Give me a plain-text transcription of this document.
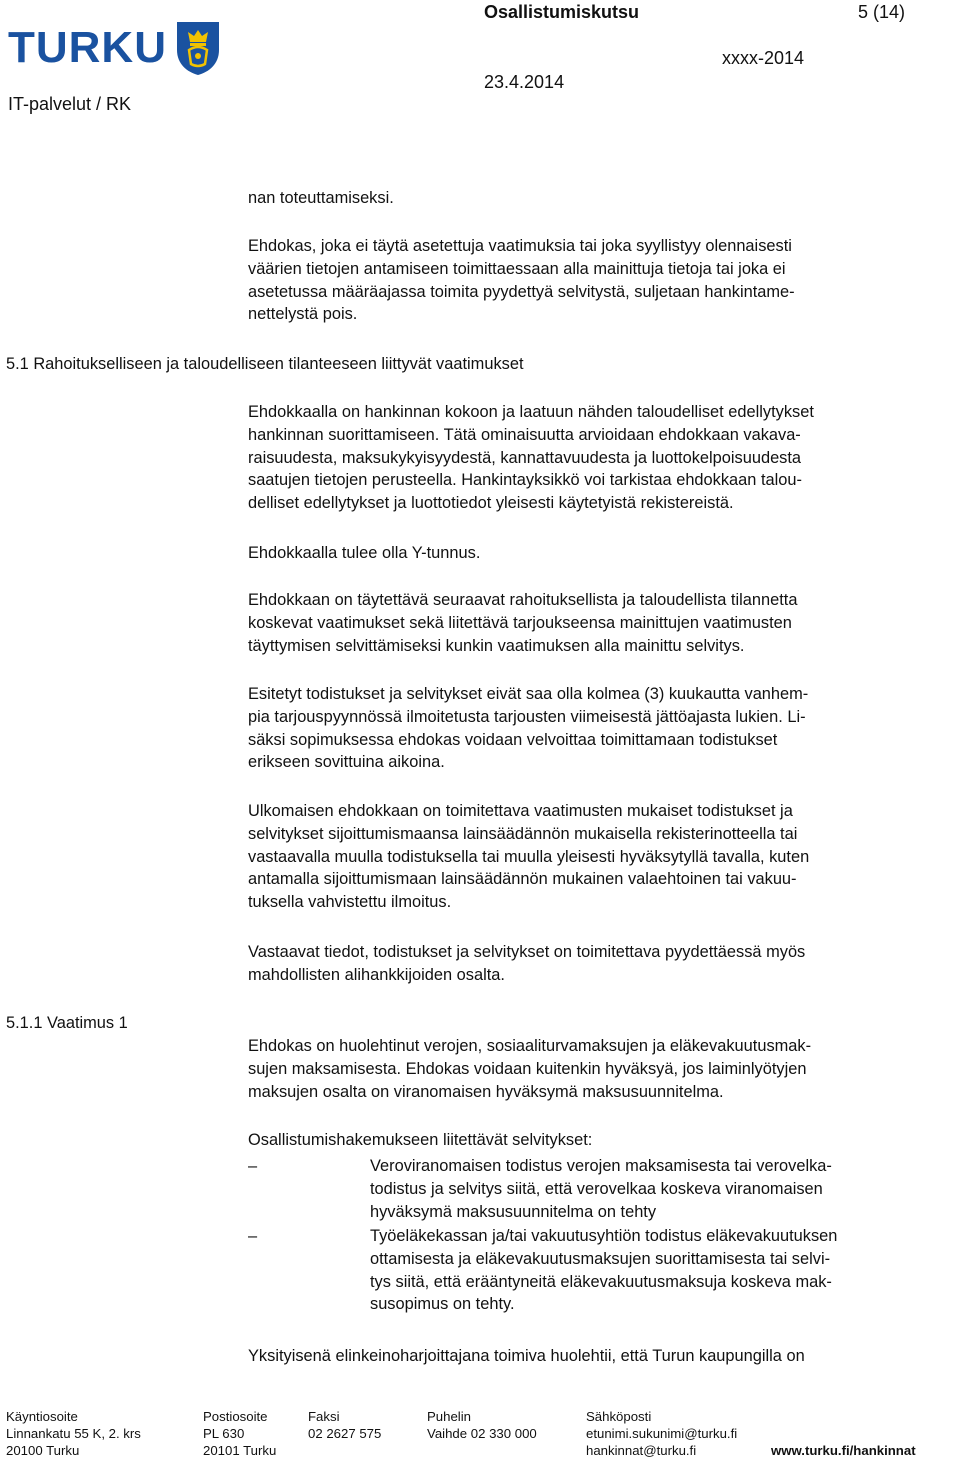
TURKU
IT-palvelut / RK
Osallistumiskutsu	5 (14)
xxxx-2014
23.4.2014
nan toteuttamiseksi.
Ehdokas, joka ei täytä asetettuja vaatimuksia tai joka syyllistyy olennaisesti
väärien tietojen antamiseen toimittaessaan alla mainittuja tietoja tai joka ei
asetetussa määräajassa toimita pyydettyä selvitystä, suljetaan hankintame-
nettelystä pois.
5.1 Rahoitukselliseen ja taloudelliseen tilanteeseen liittyvät vaatimukset
Ehdokkaalla on hankinnan kokoon ja laatuun nähden taloudelliset edellytykset
hankinnan suorittamiseen. Tätä ominaisuutta arvioidaan ehdokkaan vakava-
raisuudesta, maksukykyisyydestä, kannattavuudesta ja luottokelpoisuudesta
saatujen tietojen perusteella. Hankintayksikkö voi tarkistaa ehdokkaan talou-
delliset edellytykset ja luottotiedot yleisesti käytetyistä rekistereistä.
Ehdokkaalla tulee olla Y-tunnus.
Ehdokkaan on täytettävä seuraavat rahoituksellista ja taloudellista tilannetta
koskevat vaatimukset sekä liitettävä tarjoukseensa mainittujen vaatimusten
täyttymisen selvittämiseksi kunkin vaatimuksen alla mainittu selvitys.
Esitetyt todistukset ja selvitykset eivät saa olla kolmea (3) kuukautta vanhem-
pia tarjouspyynnössä ilmoitetusta tarjousten viimeisestä jättöajasta lukien. Li-
säksi sopimuksessa ehdokas voidaan velvoittaa toimittamaan todistukset
erikseen sovittuina aikoina.
Ulkomaisen ehdokkaan on toimitettava vaatimusten mukaiset todistukset ja
selvitykset sijoittumismaansa lainsäädännön mukaisella rekisterinotteella tai
vastaavalla muulla todistuksella tai muulla yleisesti hyväksytyllä tavalla, kuten
antamalla sijoittumismaan lainsäädännön mukainen valaehtoinen tai vakuu-
tuksella vahvistettu ilmoitus.
Vastaavat tiedot, todistukset ja selvitykset on toimitettava pyydettäessä myös
mahdollisten alihankkijoiden osalta.
5.1.1 Vaatimus 1
Ehdokas on huolehtinut verojen, sosiaaliturvamaksujen ja eläkevakuutusmak-
sujen maksamisesta. Ehdokas voidaan kuitenkin hyväksyä, jos laiminlyötyjen
maksujen osalta on viranomaisen hyväksymä maksusuunnitelma.
Osallistumishakemukseen liitettävät selvitykset:
–	Veroviranomaisen todistus verojen maksamisesta tai verovelka-
todistus ja selvitys siitä, että verovelkaa koskeva viranomaisen
hyväksymä maksusuunnitelma on tehty
–	Työeläkekassan ja/tai vakuutusyhtiön todistus eläkevakuutuksen
ottamisesta ja eläkevakuutusmaksujen suorittamisesta tai selvi-
tys siitä, että erääntyneitä eläkevakuutusmaksuja koskeva mak-
susopimus on tehty.
Yksityisenä elinkeinoharjoittajana toimiva huolehtii, että Turun kaupungilla on
Käyntiosoite
Linnankatu 55 K, 2. krs
20100 Turku
Postiosoite
PL 630
20101 Turku
Faksi
02 2627 575
Puhelin
Vaihde 02 330 000
Sähköposti
etunimi.sukunimi@turku.fi
hankinnat@turku.fi	www.turku.fi/hankinnat
